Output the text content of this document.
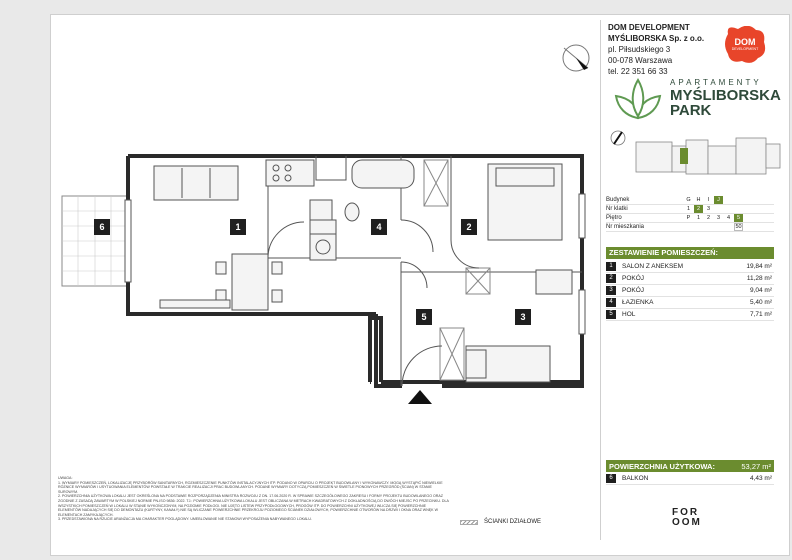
1	2
3
4
5
6
DOM DEVELOPMENT
MYŚLIBORSKA Sp. z o.o.
pl. Piłsudskiego 3
00-078 Warszawa
tel. 22 351 66 33
DOM
DEVELOPMENT
APARTAMENTY
MYŚLIBORSKA
PARK
Budynek	G	H	I	J
Nr klatki	1	2	3
Piętro	P	1	2	3	4	5
Nr mieszkania	50
ZESTAWIENIE POMIESZCZEŃ:
1	SALON Z ANEKSEM	19,84 m²
2	POKÓJ	11,28 m²
3	POKÓJ	9,04 m²
4	ŁAZIENKA	5,40 m²
5	HOL	7,71 m²
POWIERZCHNIA UŻYTKOWA:	53,27 m²
6	BALKON	4,43 m²
UWAGA:
1. WYMIARY POMIESZCZEŃ, LOKALIZACJĘ PRZYBORÓW SANITARNYCH, ROZMIESZCZENIE PUNKTÓW INSTALACYJNYCH ITP. PODANO W OPARCIU O PROJEKT BUDOWLANY I WYKONAWCZY. MOGĄ WYSTĄPIĆ NIEWIELKIE RÓŻNICE WYMIARÓW I USYTUOWANIA ELEMENTÓW POWSTAŁE W TRAKCIE REALIZACJI PRAC BUDOWLANYCH. PODANE WYMIARY DOTYCZĄ POMIESZCZEŃ W ŚWIETLE PIONOWYCH PRZEGRÓD (ŚCIAN) W STANIE SUROWYM.
2. POWIERZCHNIA UŻYTKOWA LOKALU JEST OKREŚLONA NA PODSTAWIE ROZPORZĄDZENIA MINISTRA ROZWOJU Z DN. 17.06.2020 R. W SPRAWIE SZCZEGÓŁOWEGO ZAKRESU I FORMY PROJEKTU BUDOWLANEGO ORAZ ZGODNIE Z ZASADĄ ZAWARTYM W POLSKIEJ NORMIE PN-ISO 9836: 2022. TJ.: POWIERZCHNIA UŻYTKOWA LOKALU JEST OBLICZANA W METRACH KWADRATOWYCH Z DOKŁADNOŚCIĄ DO DWÓCH MIEJSC PO PRZECINKU. DLA WSZYSTKICH POMIESZCZEŃ W LOKALU W STANIE WYKOŃCZONYM, NA POZIOMIE PODŁOGI. NIE UJĘTO LISTEW PRZYPODŁOGOWYCH, PROGÓW ITP. DO POWIERZCHNI UŻYTKOWEJ WLICZA SIĘ POWIERZCHNIE ELEMENTÓW NADAJĄCYCH SIĘ DO DEMONTAŻU (KURTYNY, KANAŁY) NIE SĄ WLICZANE POWIERZCHNIE PRZEKROJU POZIOMEGO ŚCIANEK DZIAŁOWYCH, POWIERZCHNIE OTWORÓW NA DRZWI I OKNA ORAZ WNĘK W ELEMENTACH ZAMYKAJĄCYCH.
3. PRZEDSTAWIONA NA RZUCIE ARANŻACJA MA CHARAKTER POGLĄDOWY. UMEBLOWANIE NIE STANOWI WYPOSAŻENIA NABYWANEGO LOKALU.	ŚCIANKI DZIAŁOWE
FOR
OOM
